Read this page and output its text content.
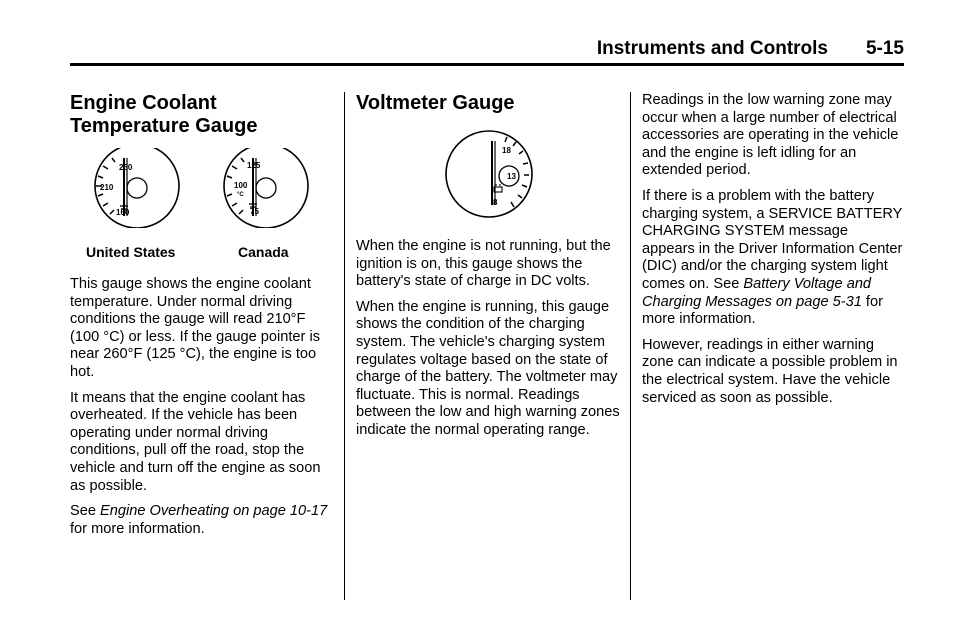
Instruments and Controls 5-15
Engine Coolant Temperature Gauge
260
210
160
125
100
°C
75
United States	Canada

This gauge shows the engine coolant temperature. Under normal driving conditions the gauge will read 210°F (100 °C) or less. If the gauge pointer is near 260°F (125 °C), the engine is too hot.

It means that the engine coolant has overheated. If the vehicle has been operating under normal driving conditions, pull off the road, stop the vehicle and turn off the engine as soon as possible.

See Engine Overheating on page 10-17 for more information.

Voltmeter Gauge
18
13
8

When the engine is not running, but the ignition is on, this gauge shows the battery's state of charge in DC volts.

When the engine is running, this gauge shows the condition of the charging system. The vehicle's charging system regulates voltage based on the state of charge of the battery. The voltmeter may fluctuate. This is normal. Readings between the low and high warning zones indicate the normal operating range.

Readings in the low warning zone may occur when a large number of electrical accessories are operating in the vehicle and the engine is left idling for an extended period.

If there is a problem with the battery charging system, a SERVICE BATTERY CHARGING SYSTEM message appears in the Driver Information Center (DIC) and/or the charging system light comes on. See Battery Voltage and Charging Messages on page 5-31 for more information.

However, readings in either warning zone can indicate a possible problem in the electrical system. Have the vehicle serviced as soon as possible.
